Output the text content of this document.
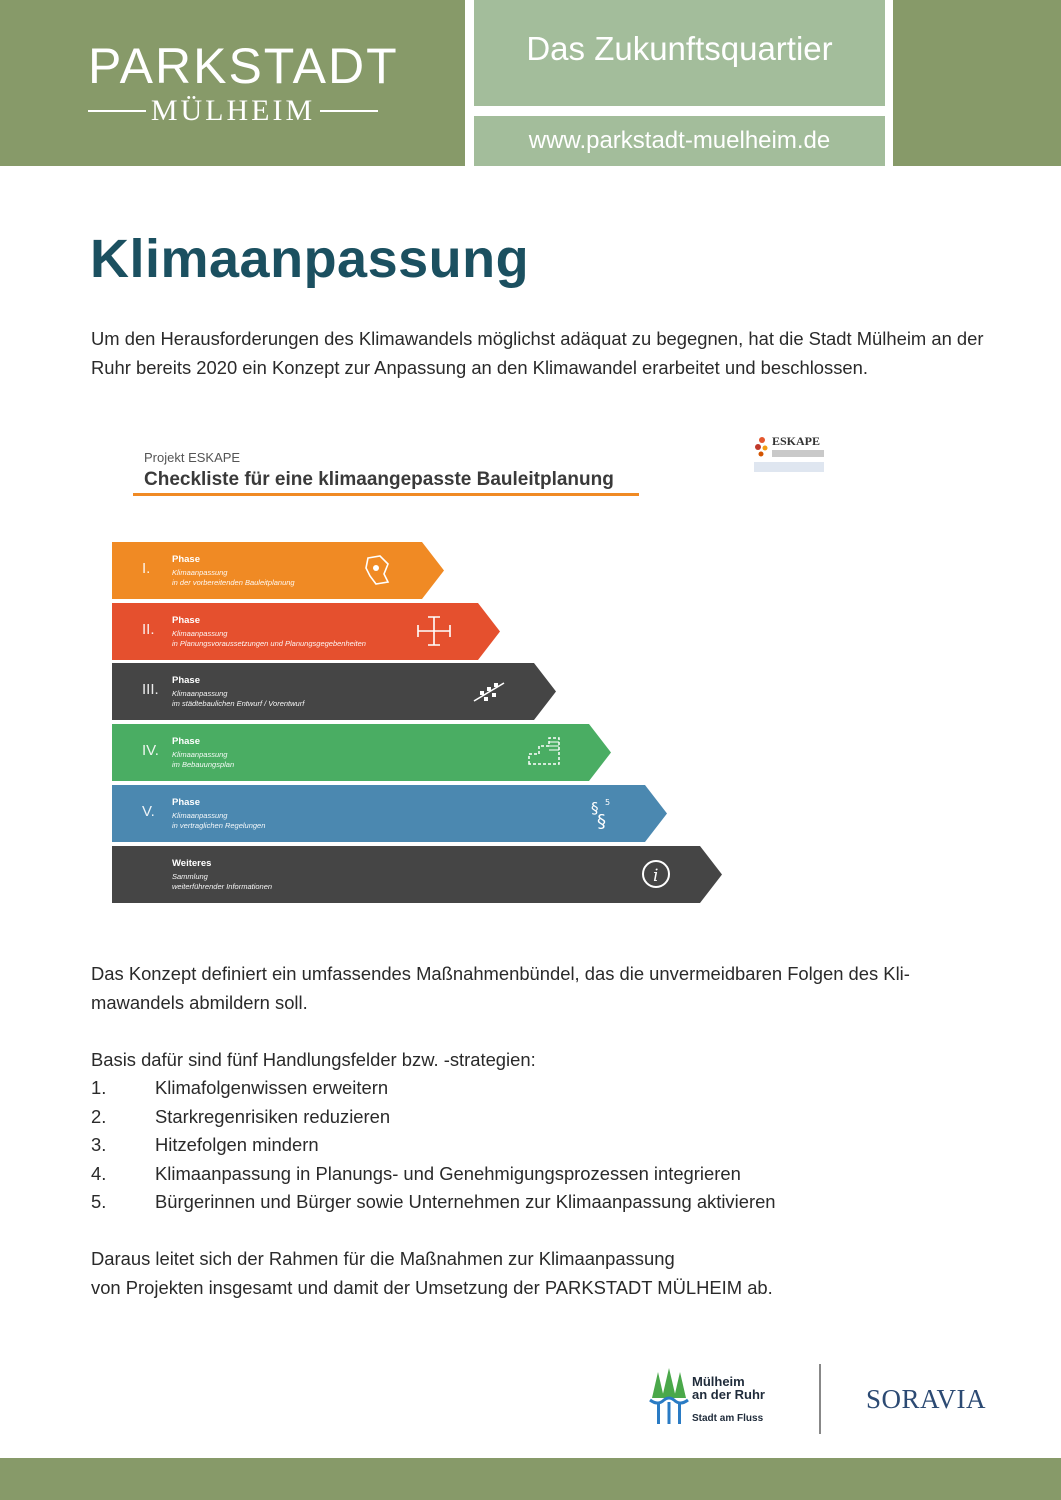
PARKSTADT
MÜLHEIM
Das Zukunftsquartier
www.parkstadt-muelheim.de
Klimaanpassung

Um den Herausforderungen des Klimawandels möglichst adäquat zu begegnen, hat die Stadt Mülheim an der Ruhr bereits 2020 ein Konzept zur Anpassung an den Klimawandel erarbeitet und beschlossen.

Projekt ESKAPE
Checkliste für eine klimaangepasste Bauleitplanung
ESKAPE
I.
Phase
Klimaanpassung
in der vorbereitenden Bauleitplanung
II.
Phase
Klimaanpassung
in Planungsvoraussetzungen und Planungsgegebenheiten
III.
Phase
Klimaanpassung
im städtebaulichen Entwurf / Vorentwurf
IV.
Phase
Klimaanpassung
im Bebauungsplan
V.
Phase
Klimaanpassung
in vertraglichen Regelungen
§
§
5
Weiteres
Sammlung
weiterführender Informationen
i

Das Konzept definiert ein umfassendes Maßnahmenbündel, das die unvermeidbaren Folgen des Kli-mawandels abmildern soll.

Basis dafür sind fünf Handlungsfelder bzw. -strategien:

1.	Klimafolgenwissen erweitern
2.	Starkregenrisiken reduzieren
3.	Hitzefolgen mindern
4.	Klimaanpassung in Planungs- und Genehmigungsprozessen integrieren
5.	Bürgerinnen und Bürger sowie Unternehmen zur Klimaanpassung aktivieren

Daraus leitet sich der Rahmen für die Maßnahmen zur Klimaanpassung
von Projekten insgesamt und damit der Umsetzung der PARKSTADT MÜLHEIM ab.

Mülheim
an der Ruhr
Stadt am Fluss
SORAVIA
